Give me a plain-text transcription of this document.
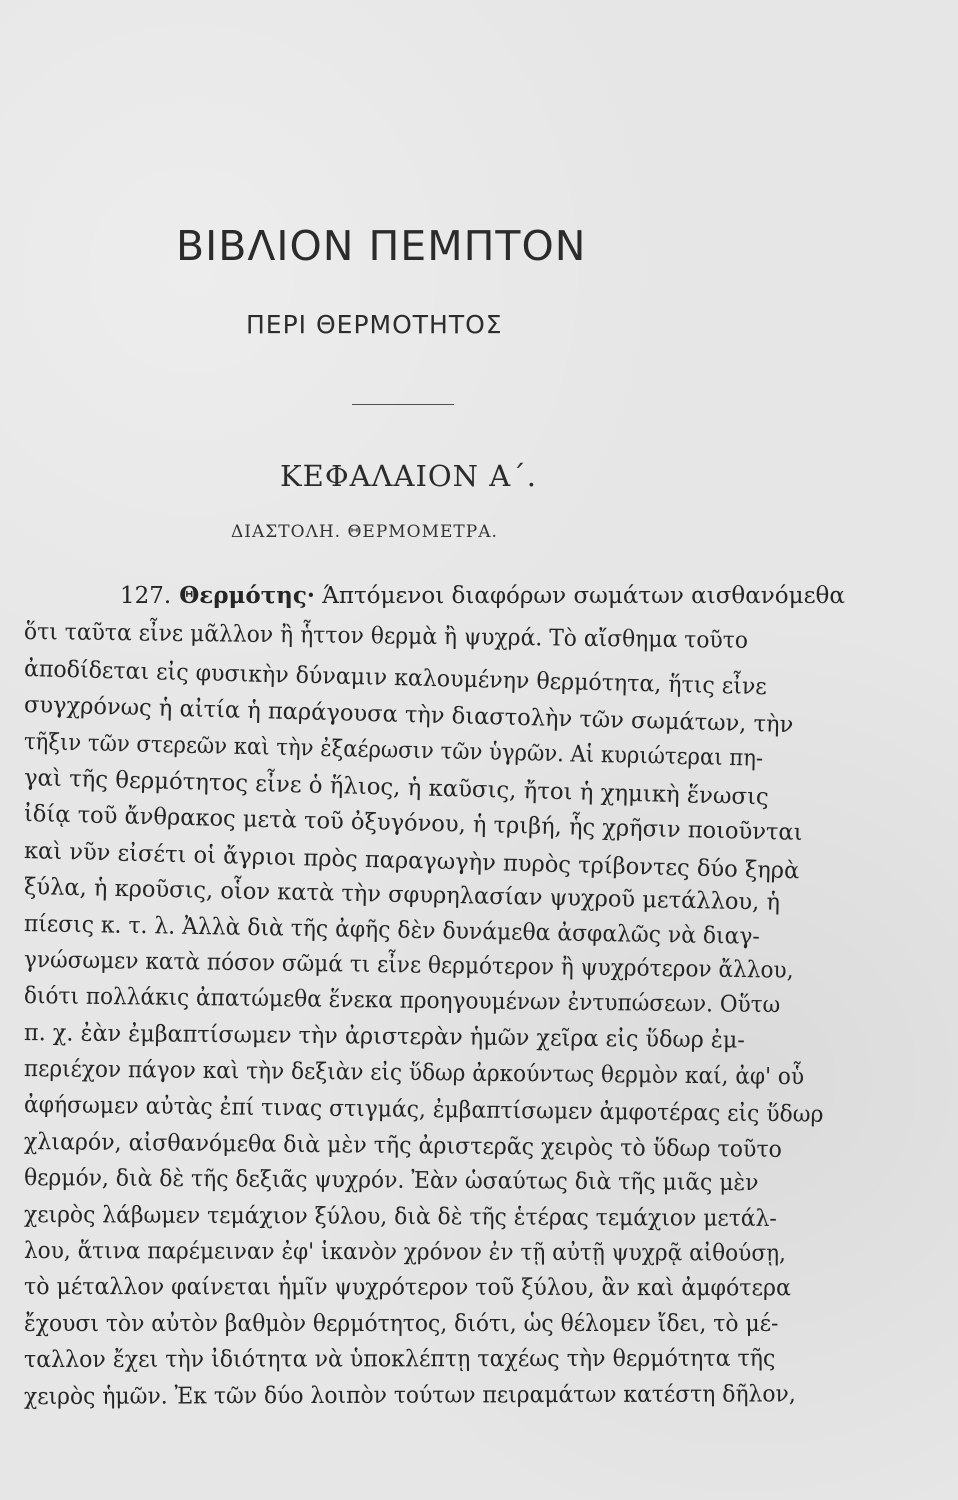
ΒΙΒΛΙΟΝ ΠΕΜΠΤΟΝ
ΠΕΡΙ ΘΕΡΜΟΤΗΤΟΣ
ΚΕΦΑΛΑΙΟΝ Α΄.
ΔΙΑΣΤΟΛΗ. ΘΕΡΜΟΜΕΤΡΑ.
127. Θερμότης· Άπτόμενοι διαφόρων σωμάτων αισθανόμεθα
ὅτι ταῦτα εἶνε μᾶλλον ἢ ἧττον θερμὰ ἢ ψυχρά. Τὸ αἴσθημα τοῦτο
ἀποδίδεται εἰς φυσικὴν δύναμιν καλουμένην θερμότητα, ἥτις εἶνε
συγχρόνως ἡ αἰτία ἡ παράγουσα τὴν διαστολὴν τῶν σωμάτων, τὴν
τῆξιν τῶν στερεῶν καὶ τὴν ἐξαέρωσιν τῶν ὑγρῶν. Αἱ κυριώτεραι πη-
γαὶ τῆς θερμότητος εἶνε ὁ ἥλιος, ἡ καῦσις, ἤτοι ἡ χημικὴ ἕνωσις
ἰδίᾳ τοῦ ἄνθρακος μετὰ τοῦ ὀξυγόνου, ἡ τριβή, ἧς χρῆσιν ποιοῦνται
καὶ νῦν εἰσέτι οἱ ἄγριοι πρὸς παραγωγὴν πυρὸς τρίβοντες δύο ξηρὰ
ξύλα, ἡ κροῦσις, οἷον κατὰ τὴν σφυρηλασίαν ψυχροῦ μετάλλου, ἡ
πίεσις κ. τ. λ. Ἀλλὰ διὰ τῆς ἀφῆς δὲν δυνάμεθα ἀσφαλῶς νὰ διαγ-
γνώσωμεν κατὰ πόσον σῶμά τι εἶνε θερμότερον ἢ ψυχρότερον ἄλλου,
διότι πολλάκις ἀπατώμεθα ἕνεκα προηγουμένων ἐντυπώσεων. Οὕτω
π. χ. ἐὰν ἐμβαπτίσωμεν τὴν ἀριστερὰν ἡμῶν χεῖρα εἰς ὕδωρ ἐμ-
περιέχον πάγον καὶ τὴν δεξιὰν εἰς ὕδωρ ἀρκούντως θερμὸν καί, ἀφ' οὗ
ἀφήσωμεν αὐτὰς ἐπί τινας στιγμάς, ἐμβαπτίσωμεν ἀμφοτέρας εἰς ὕδωρ
χλιαρόν, αἰσθανόμεθα διὰ μὲν τῆς ἀριστερᾶς χειρὸς τὸ ὕδωρ τοῦτο
θερμόν, διὰ δὲ τῆς δεξιᾶς ψυχρόν. Ἐὰν ὡσαύτως διὰ τῆς μιᾶς μὲν
χειρὸς λάβωμεν τεμάχιον ξύλου, διὰ δὲ τῆς ἑτέρας τεμάχιον μετάλ-
λου, ἅτινα παρέμειναν ἐφ' ἱκανὸν χρόνον ἐν τῇ αὐτῇ ψυχρᾷ αἰθούσῃ,
τὸ μέταλλον φαίνεται ἡμῖν ψυχρότερον τοῦ ξύλου, ἂν καὶ ἀμφότερα
ἔχουσι τὸν αὐτὸν βαθμὸν θερμότητος, διότι, ὡς θέλομεν ἴδει, τὸ μέ-
ταλλον ἔχει τὴν ἰδιότητα νὰ ὑποκλέπτῃ ταχέως τὴν θερμότητα τῆς
χειρὸς ἡμῶν. Ἐκ τῶν δύο λοιπὸν τούτων πειραμάτων κατέστη δῆλον,
